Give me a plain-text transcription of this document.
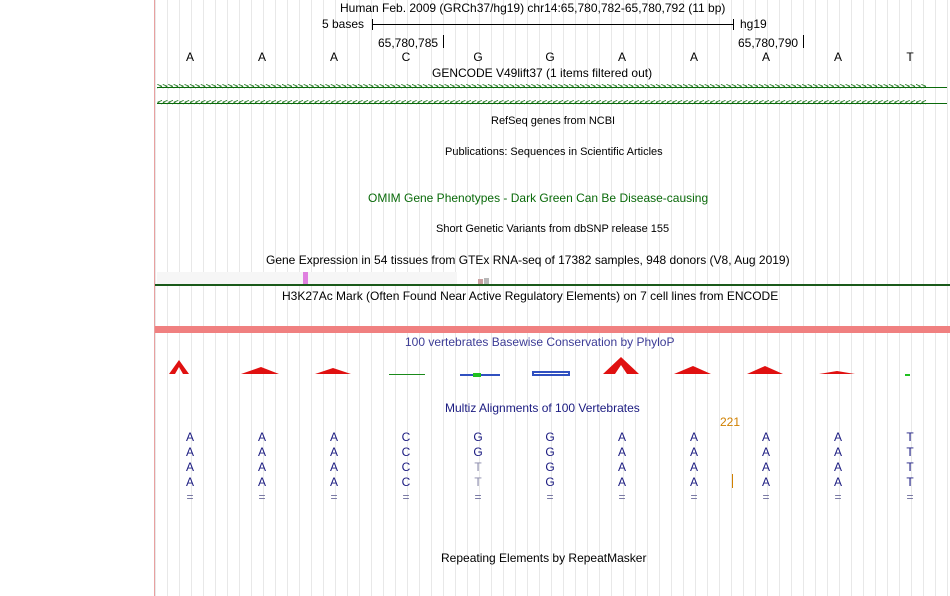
Human Feb. 2009 (GRCh37/hg19) chr14:65,780,782-65,780,792 (11 bp)
5 bases	hg19
65,780,785	65,780,790
A	A	A	C	G	G	A	A	A	A	T
GENCODE V49lift37 (1 items filtered out)
>>>>>>>>>>>>>>>>>>>>>>>>>>>>>>>>>>>>>>>>>>>>>>>>>>>>>>>>>>>>>>>>>>>>>>>>>>>>>>>>>>>>>>>>>>>>>>>>>>>>>>>>>>>>>>>>>>>>>>>>>>>>>>>>>>>>>>>>>>>>>>
<<<<<<<<<<<<<<<<<<<<<<<<<<<<<<<<<<<<<<<<<<<<<<<<<<<<<<<<<<<<<<<<<<<<<<<<<<<<<<<<<<<<<<<<<<<<<<<<<<<<<<<<<<<<<<<<<<<<<<<<<<<<<<<<<<<<<<<<<<<<<<
RefSeq genes from NCBI
Publications: Sequences in Scientific Articles
OMIM Gene Phenotypes - Dark Green Can Be Disease-causing
Short Genetic Variants from dbSNP release 155
Gene Expression in 54 tissues from GTEx RNA-seq of 17382 samples, 948 donors (V8, Aug 2019)
H3K27Ac Mark (Often Found Near Active Regulatory Elements) on 7 cell lines from ENCODE
100 vertebrates Basewise Conservation by PhyloP
Multiz Alignments of 100 Vertebrates
221
A	A	A	C	G	G	A	A	A	A	T
A	A	A	C	G	G	A	A	A	A	T
A	A	A	C	T	G	A	A	A	A	T
A	A	A	C	T	G	A	A	A	A	T
=	=	=	=	=	=	=	=	=	=	=
Repeating Elements by RepeatMasker
